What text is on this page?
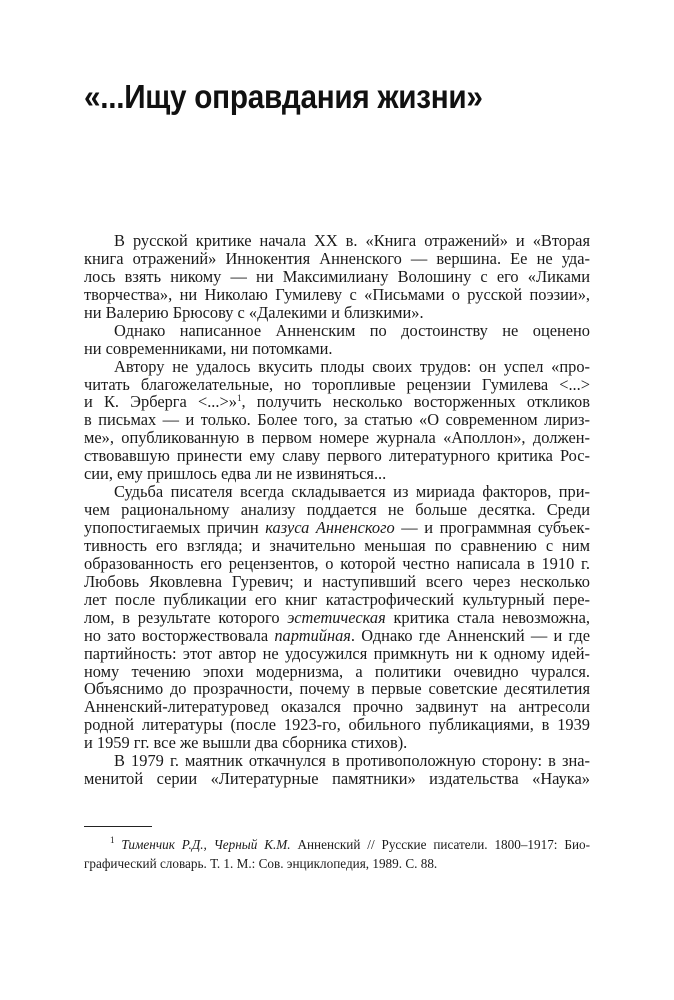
«...Ищу оправдания жизни»
В русской критике начала XX в. «Книга отражений» и «Вторая
книга отражений» Иннокентия Анненского — вершина. Ее не уда-
лось взять никому — ни Максимилиану Волошину с его «Ликами
творчества», ни Николаю Гумилеву с «Письмами о русской поэзии»,
ни Валерию Брюсову с «Далекими и близкими».
Однако написанное Анненским по достоинству не оценено
ни современниками, ни потомками.
Автору не удалось вкусить плоды своих трудов: он успел «про-
читать благожелательные, но торопливые рецензии Гумилева <...>
и К. Эрберга <...>»$^1$, получить несколько восторженных откликов
в письмах — и только. Более того, за статью «О современном лириз-
ме», опубликованную в первом номере журнала «Аполлон», должен-
ствовавшую принести ему славу первого литературного критика Рос-
сии, ему пришлось едва ли не извиняться...
Судьба писателя всегда складывается из мириада факторов, при-
чем рациональному анализу поддается не больше десятка. Среди
упопостигаемых причин казуса Анненского — и программная субъек-
тивность его взгляда; и значительно меньшая по сравнению с ним
образованность его рецензентов, о которой честно написала в 1910 г.
Любовь Яковлевна Гуревич; и наступивший всего через несколько
лет после публикации его книг катастрофический культурный пере-
лом, в результате которого эстетическая критика стала невозможна,
но зато восторжествовала партийная. Однако где Анненский — и где
партийность: этот автор не удосужился примкнуть ни к одному идей-
ному течению эпохи модернизма, а политики очевидно чурался.
Объяснимо до прозрачности, почему в первые советские десятилетия
Анненский-литературовед оказался прочно задвинут на антресоли
родной литературы (после 1923-го, обильного публикациями, в 1939
и 1959 гг. все же вышли два сборника стихов).
В 1979 г. маятник откачнулся в противоположную сторону: в зна-
менитой серии «Литературные памятники» издательства «Наука»
$^1$ Тименчик Р.Д., Черный К.М. Анненский // Русские писатели. 1800–1917: Био-
графический словарь. Т. 1. М.: Сов. энциклопедия, 1989. С. 88.
